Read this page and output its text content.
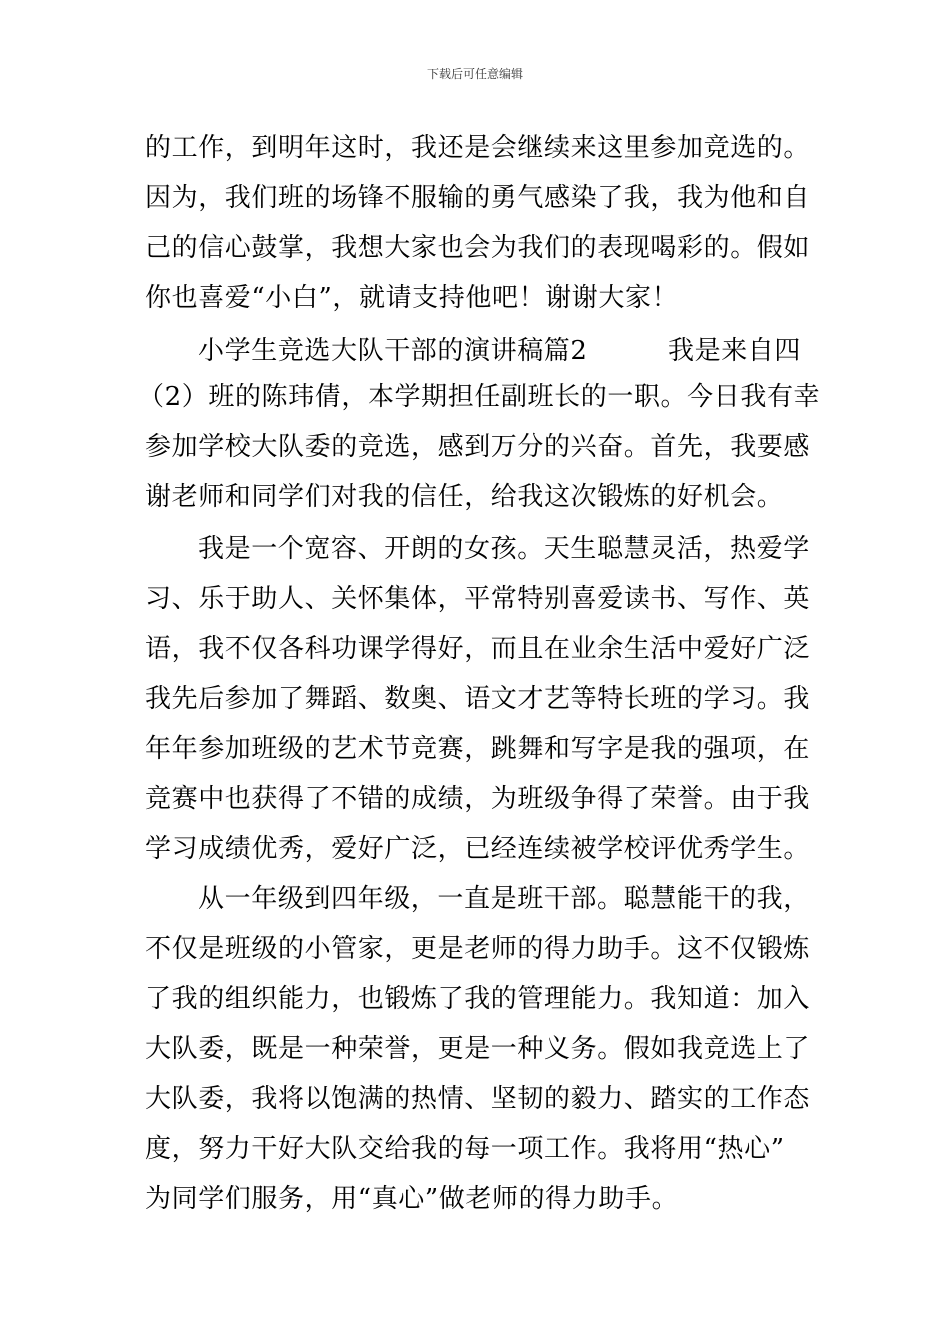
下载后可任意编辑
的工作，到明年这时，我还是会继续来这里参加竞选的。
因为，我们班的场锋不服输的勇气感染了我，我为他和自
己的信心鼓掌，我想大家也会为我们的表现喝彩的。假如
你也喜爱“小白”，就请支持他吧！谢谢大家！
小学生竞选大队干部的演讲稿篇2	我是来自四
（2）班的陈玮倩，本学期担任副班长的一职。今日我有幸
参加学校大队委的竞选，感到万分的兴奋。首先，我要感
谢老师和同学们对我的信任，给我这次锻炼的好机会。
我是一个宽容、开朗的女孩。天生聪慧灵活，热爱学
习、乐于助人、关怀集体，平常特别喜爱读书、写作、英
语，我不仅各科功课学得好，而且在业余生活中爱好广泛
我先后参加了舞蹈、数奥、语文才艺等特长班的学习。我
年年参加班级的艺术节竞赛，跳舞和写字是我的强项，在
竞赛中也获得了不错的成绩，为班级争得了荣誉。由于我
学习成绩优秀，爱好广泛，已经连续被学校评优秀学生。
从一年级到四年级，一直是班干部。聪慧能干的我，
不仅是班级的小管家，更是老师的得力助手。这不仅锻炼
了我的组织能力，也锻炼了我的管理能力。我知道：加入
大队委，既是一种荣誉，更是一种义务。假如我竞选上了
大队委，我将以饱满的热情、坚韧的毅力、踏实的工作态
度，努力干好大队交给我的每一项工作。我将用“热心”
为同学们服务，用“真心”做老师的得力助手。
